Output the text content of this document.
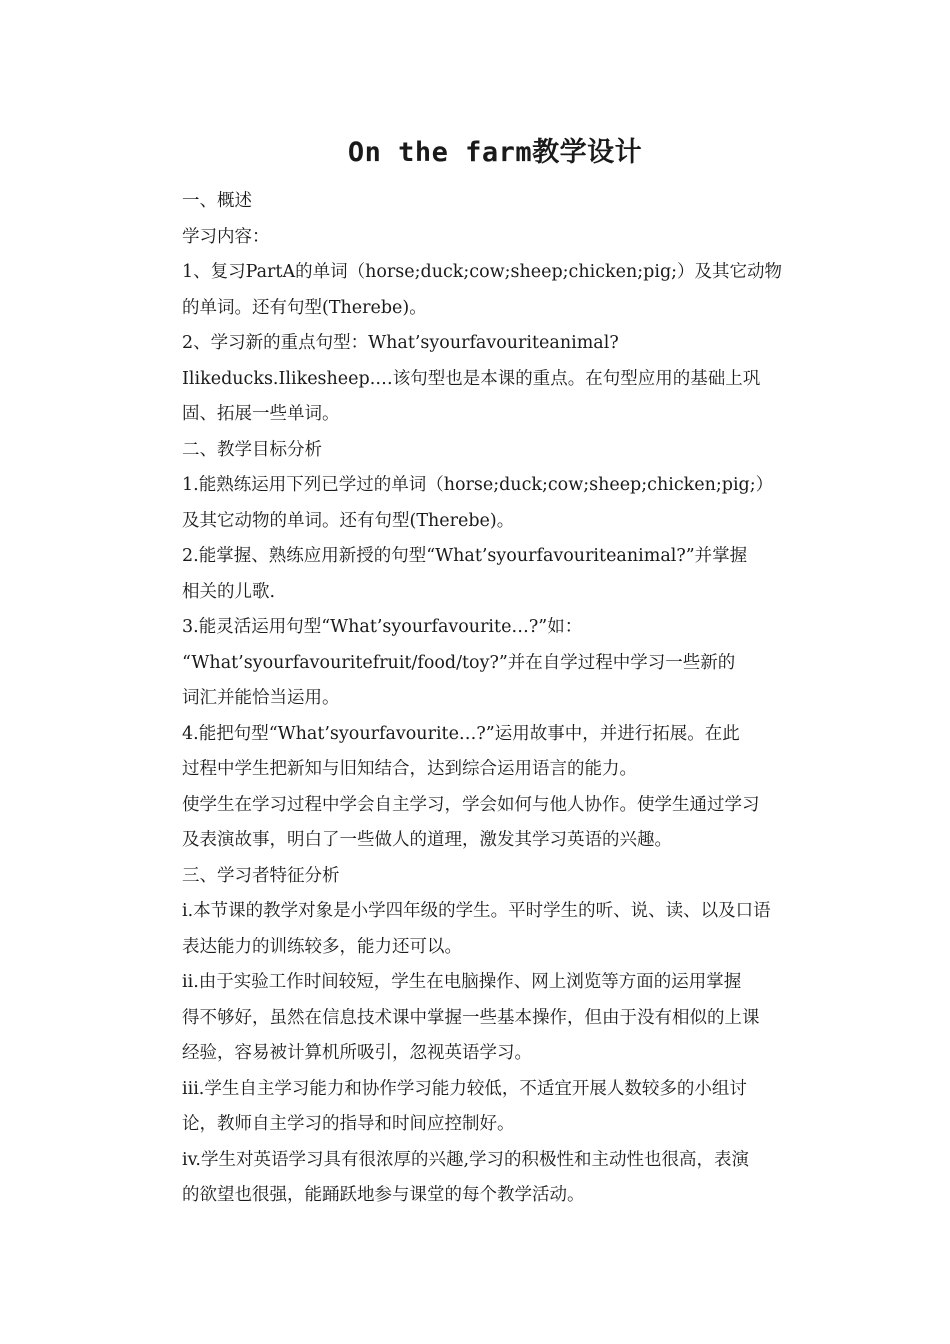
On the farm教学设计
一、概述
学习内容：
1、复习PartA的单词（horse;duck;cow;sheep;chicken;pig;）及其它动物
的单词。还有句型(Therebe)。
2、学习新的重点句型：What’syourfavouriteanimal?
Ilikeducks.Ilikesheep.…该句型也是本课的重点。在句型应用的基础上巩
固、拓展一些单词。
二、教学目标分析
1.能熟练运用下列已学过的单词（horse;duck;cow;sheep;chicken;pig;）
及其它动物的单词。还有句型(Therebe)。
2.能掌握、熟练应用新授的句型“What’syourfavouriteanimal?”并掌握
相关的儿歌.
3.能灵活运用句型“What’syourfavourite…?”如：
“What’syourfavouritefruit/food/toy?”并在自学过程中学习一些新的
词汇并能恰当运用。
4.能把句型“What’syourfavourite…?”运用故事中，并进行拓展。在此
过程中学生把新知与旧知结合，达到综合运用语言的能力。
使学生在学习过程中学会自主学习，学会如何与他人协作。使学生通过学习
及表演故事，明白了一些做人的道理，激发其学习英语的兴趣。
三、学习者特征分析
i.本节课的教学对象是小学四年级的学生。平时学生的听、说、读、以及口语
表达能力的训练较多，能力还可以。
ii.由于实验工作时间较短，学生在电脑操作、网上浏览等方面的运用掌握
得不够好，虽然在信息技术课中掌握一些基本操作，但由于没有相似的上课
经验，容易被计算机所吸引，忽视英语学习。
iii.学生自主学习能力和协作学习能力较低，不适宜开展人数较多的小组讨
论，教师自主学习的指导和时间应控制好。
iv.学生对英语学习具有很浓厚的兴趣,学习的积极性和主动性也很高，表演
的欲望也很强，能踊跃地参与课堂的每个教学活动。
